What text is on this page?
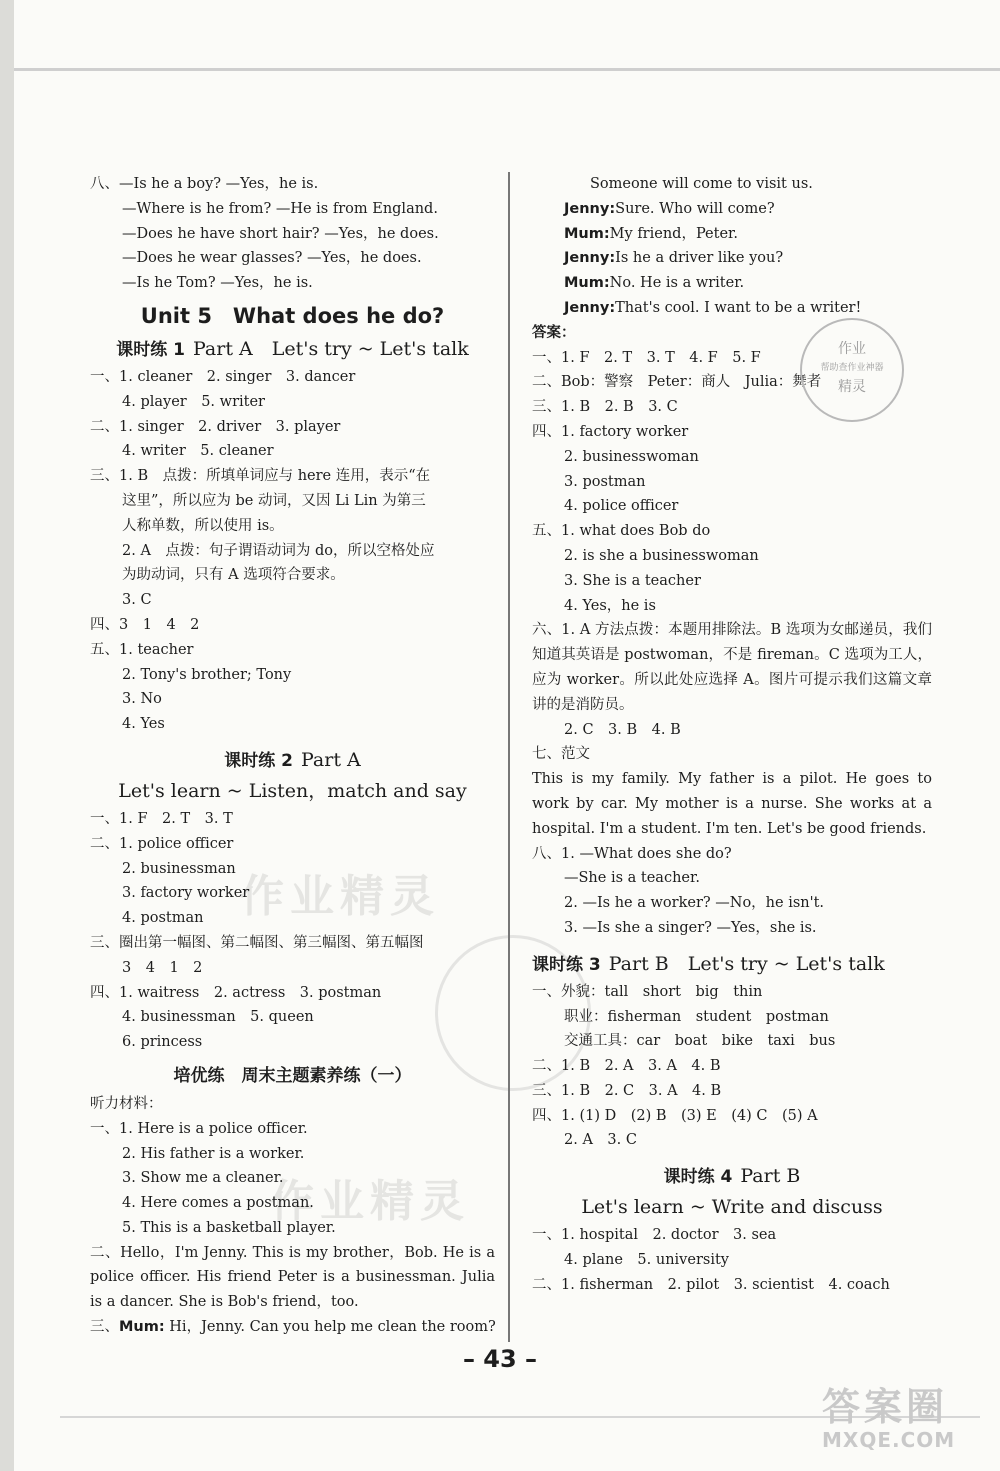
作业精灵
作业精灵
八、—Is he a boy? —Yes，he is.
—Where is he from? —He is from England.
—Does he have short hair? —Yes，he does.
—Does he wear glasses? —Yes，he does.
—Is he Tom? —Yes，he is.
Unit 5　What does he do?
课时练 1 Part A　Let's try ~ Let's talk
一、1. cleaner　2. singer　3. dancer
4. player　5. writer
二、1. singer　2. driver　3. player
4. writer　5. cleaner
三、1. B　点拨：所填单词应与 here 连用，表示“在
这里”，所以应为 be 动词，又因 Li Lin 为第三
人称单数，所以使用 is。
2. A　点拨：句子谓语动词为 do，所以空格处应
为助动词，只有 A 选项符合要求。
3. C
四、3　1　4　2
五、1. teacher
2. Tony's brother; Tony
3. No
4. Yes
课时练 2 Part A
Let's learn ~ Listen，match and say
一、1. F　2. T　3. T
二、1. police officer
2. businessman
3. factory worker
4. postman
三、圈出第一幅图、第二幅图、第三幅图、第五幅图
3　4　1　2
四、1. waitress　2. actress　3. postman
4. businessman　5. queen
6. princess
培优练　周末主题素养练（一）
听力材料：
一、1. Here is a police officer.
2. His father is a worker.
3. Show me a cleaner.
4. Here comes a postman.
5. This is a basketball player.
二、Hello，I'm Jenny. This is my brother，Bob. He is a police officer. His friend Peter is a businessman. Julia is a dancer. She is Bob's friend，too.
三、Mum: Hi，Jenny. Can you help me clean the room?
Someone will come to visit us.
Jenny:Sure. Who will come?
Mum:My friend，Peter.
Jenny:Is he a driver like you?
Mum:No. He is a writer.
Jenny:That's cool. I want to be a writer!
答案：
一、1. F　2. T　3. T　4. F　5. F
二、Bob：警察　Peter：商人　Julia：舞者
三、1. B　2. B　3. C
四、1. factory worker
2. businesswoman
3. postman
4. police officer
五、1. what does Bob do
2. is she a businesswoman
3. She is a teacher
4. Yes，he is
六、1. A 方法点拨：本题用排除法。B 选项为女邮递员，我们知道其英语是 postwoman，不是 fireman。C 选项为工人，应为 worker。所以此处应选择 A。图片可提示我们这篇文章讲的是消防员。
2. C　3. B　4. B
七、范文
This is my family. My father is a pilot. He goes to work by car. My mother is a nurse. She works at a hospital. I'm a student. I'm ten. Let's be good friends.
八、1. —What does she do?
—She is a teacher.
2. —Is he a worker? —No，he isn't.
3. —Is she a singer? —Yes，she is.
课时练 3 Part B　Let's try ~ Let's talk
一、外貌：tall　short　big　thin
职业：fisherman　student　postman
交通工具：car　boat　bike　taxi　bus
二、1. B　2. A　3. A　4. B
三、1. B　2. C　3. A　4. B
四、1. (1) D　(2) B　(3) E　(4) C　(5) A
2. A　3. C
课时练 4 Part B
Let's learn ~ Write and discuss
一、1. hospital　2. doctor　3. sea
4. plane　5. university
二、1. fisherman　2. pilot　3. scientist　4. coach
作业
帮助查作业神器
精灵
– 43 –
答案圈
MXQE.COM
